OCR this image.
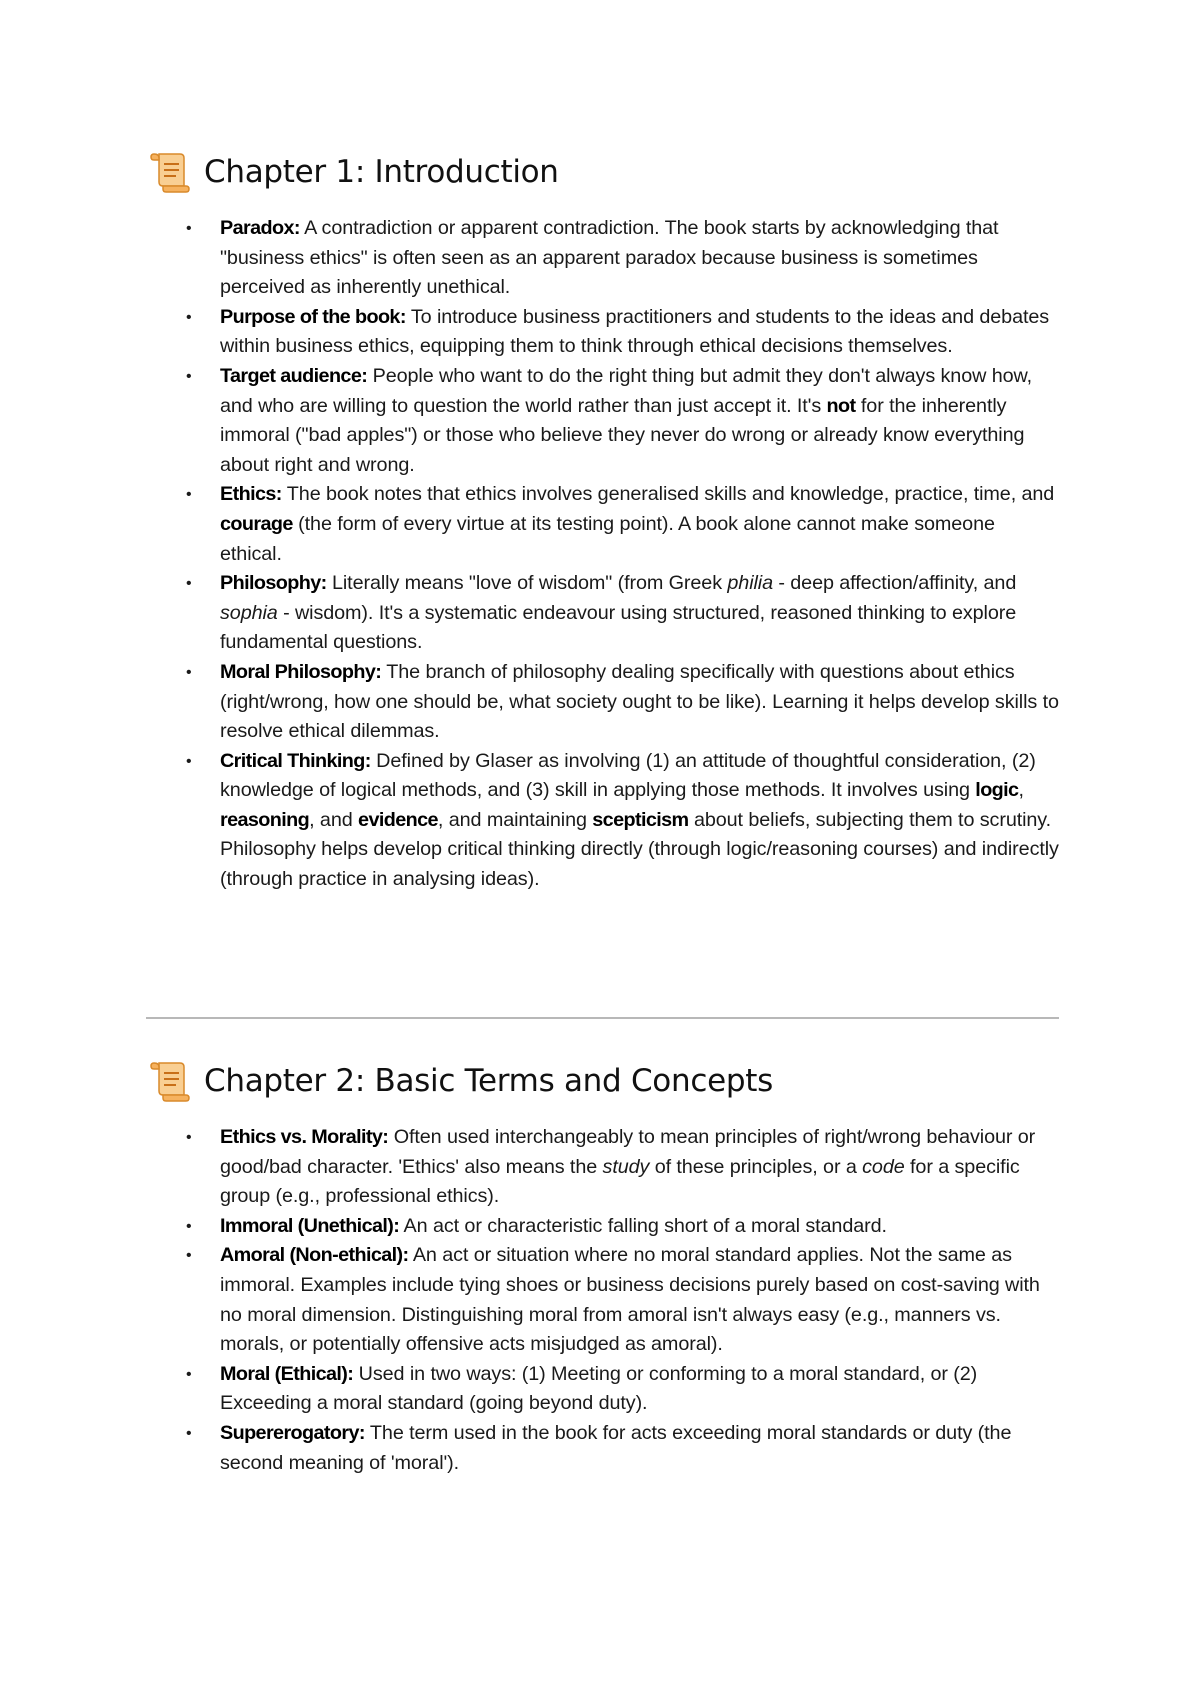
Chapter 1: Introduction
• Paradox: A contradiction or apparent contradiction. The book starts by acknowledging that "business ethics" is often seen as an apparent paradox because business is sometimes perceived as inherently unethical.
• Purpose of the book: To introduce business practitioners and students to the ideas and debates within business ethics, equipping them to think through ethical decisions themselves.
• Target audience: People who want to do the right thing but admit they don't always know how, and who are willing to question the world rather than just accept it. It's not for the inherently immoral ("bad apples") or those who believe they never do wrong or already know everything about right and wrong.
• Ethics: The book notes that ethics involves generalised skills and knowledge, practice, time, and courage (the form of every virtue at its testing point). A book alone cannot make someone ethical.
• Philosophy: Literally means "love of wisdom" (from Greek philia - deep affection/affinity, and sophia - wisdom). It's a systematic endeavour using structured, reasoned thinking to explore fundamental questions.
• Moral Philosophy: The branch of philosophy dealing specifically with questions about ethics (right/wrong, how one should be, what society ought to be like). Learning it helps develop skills to resolve ethical dilemmas.
• Critical Thinking: Defined by Glaser as involving (1) an attitude of thoughtful consideration, (2) knowledge of logical methods, and (3) skill in applying those methods. It involves using logic, reasoning, and evidence, and maintaining scepticism about beliefs, subjecting them to scrutiny. Philosophy helps develop critical thinking directly (through logic/reasoning courses) and indirectly (through practice in analysing ideas).
Chapter 2: Basic Terms and Concepts
• Ethics vs. Morality: Often used interchangeably to mean principles of right/wrong behaviour or good/bad character. 'Ethics' also means the study of these principles, or a code for a specific group (e.g., professional ethics).
• Immoral (Unethical): An act or characteristic falling short of a moral standard.
• Amoral (Non-ethical): An act or situation where no moral standard applies. Not the same as immoral. Examples include tying shoes or business decisions purely based on cost-saving with no moral dimension. Distinguishing moral from amoral isn't always easy (e.g., manners vs. morals, or potentially offensive acts misjudged as amoral).
• Moral (Ethical): Used in two ways: (1) Meeting or conforming to a moral standard, or (2) Exceeding a moral standard (going beyond duty).
• Supererogatory: The term used in the book for acts exceeding moral standards or duty (the second meaning of 'moral').
